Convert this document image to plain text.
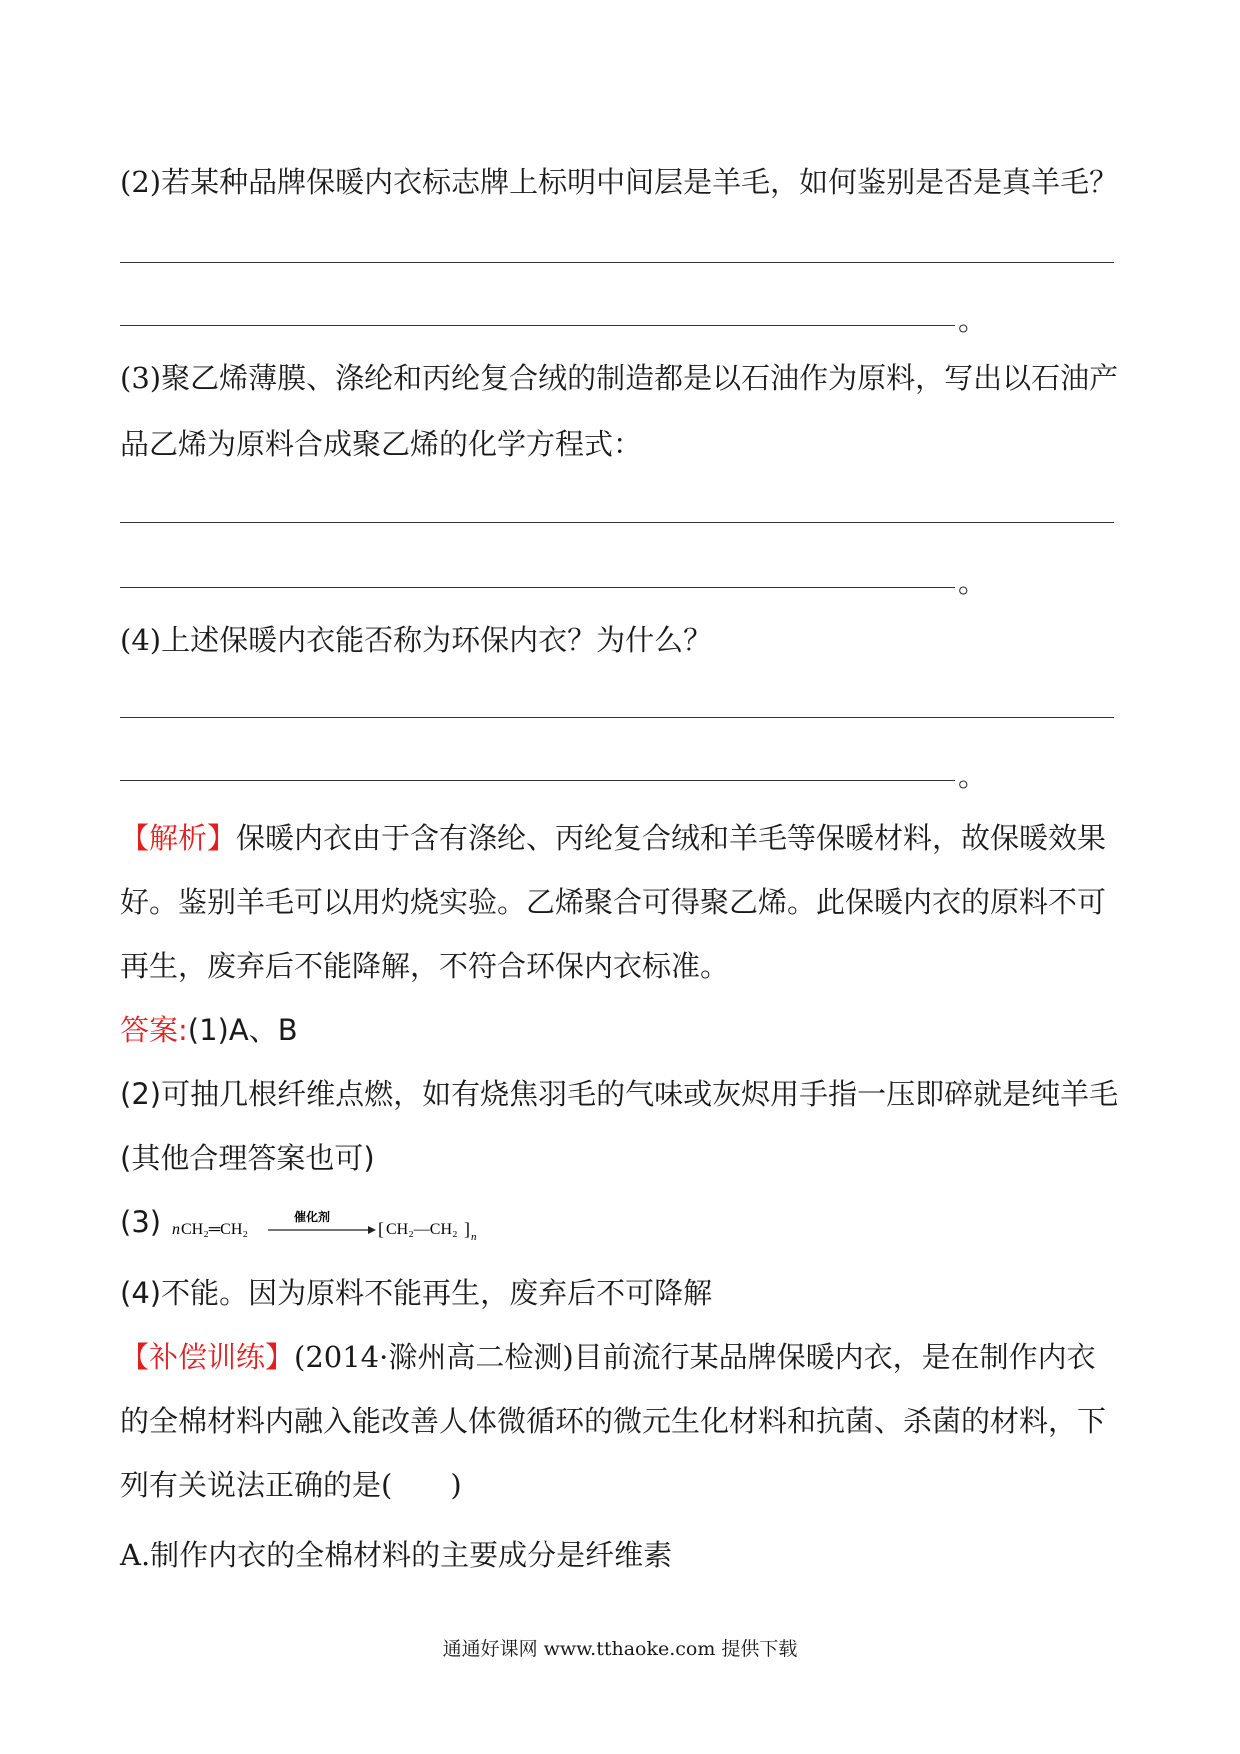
(2)若某种品牌保暖内衣标志牌上标明中间层是羊毛，如何鉴别是否是真羊毛？
。
(3)聚乙烯薄膜、涤纶和丙纶复合绒的制造都是以石油作为原料，写出以石油产
品乙烯为原料合成聚乙烯的化学方程式：
。
(4)上述保暖内衣能否称为环保内衣？为什么？
。
【解析】保暖内衣由于含有涤纶、丙纶复合绒和羊毛等保暖材料，故保暖效果
好。鉴别羊毛可以用灼烧实验。乙烯聚合可得聚乙烯。此保暖内衣的原料不可
再生，废弃后不能降解，不符合环保内衣标准。
答案:(1)A、B
(2)可抽几根纤维点燃，如有烧焦羽毛的气味或灰烬用手指一压即碎就是纯羊毛
(其他合理答案也可)
(3) n CH₂═CH₂
催化剂
[ CH₂—CH₂ ] n
(4)不能。因为原料不能再生，废弃后不可降解
【补偿训练】(2014·滁州高二检测)目前流行某品牌保暖内衣，是在制作内衣
的全棉材料内融入能改善人体微循环的微元生化材料和抗菌、杀菌的材料，下
列有关说法正确的是(　　)
A.制作内衣的全棉材料的主要成分是纤维素
通通好课网 www.tthaoke.com 提供下载
